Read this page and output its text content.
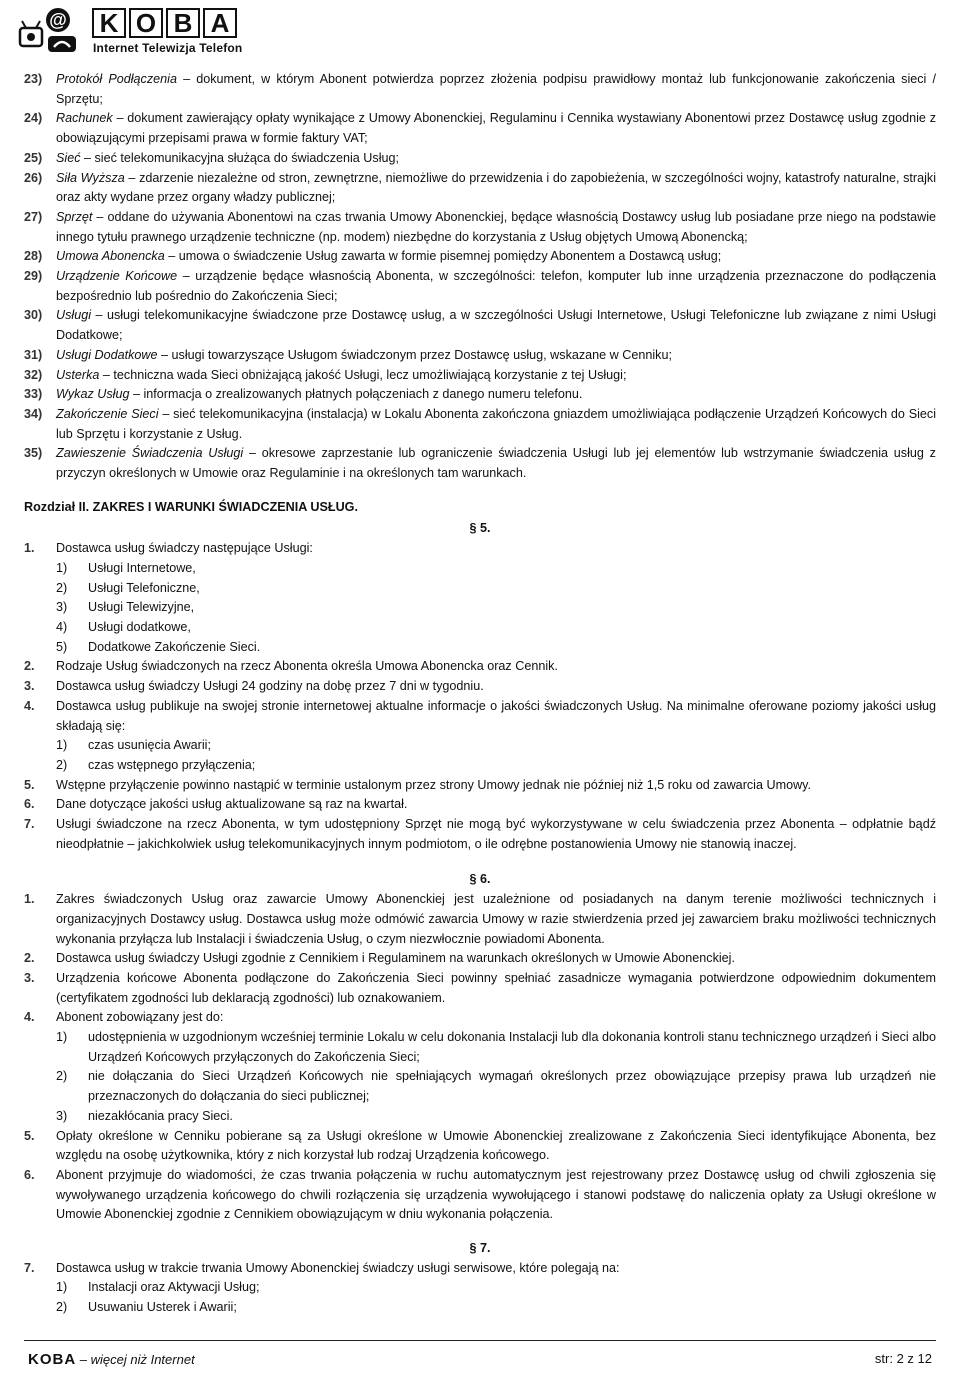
@ K O B A
Internet Telewizja Telefon
23)	Protokół Podłączenia – dokument, w którym Abonent potwierdza poprzez złożenia podpisu prawidłowy montaż lub funkcjonowanie zakończenia sieci / Sprzętu;
24)	Rachunek – dokument zawierający opłaty wynikające z Umowy Abonenckiej, Regulaminu i Cennika wystawiany Abonentowi przez Dostawcę usług zgodnie z obowiązującymi przepisami prawa w formie faktury VAT;
25)	Sieć – sieć telekomunikacyjna służąca do świadczenia Usług;
26)	Siła Wyższa – zdarzenie niezależne od stron, zewnętrzne, niemożliwe do przewidzenia i do zapobieżenia, w szczególności wojny, katastrofy naturalne, strajki oraz akty wydane przez organy władzy publicznej;
27)	Sprzęt – oddane do używania Abonentowi na czas trwania Umowy Abonenckiej, będące własnością Dostawcy usług lub posiadane prze niego na podstawie innego tytułu prawnego urządzenie techniczne (np. modem) niezbędne do korzystania z Usług objętych Umową Abonencką;
28)	Umowa Abonencka – umowa o świadczenie Usług zawarta w formie pisemnej pomiędzy Abonentem a Dostawcą usług;
29)	Urządzenie Końcowe – urządzenie będące własnością Abonenta, w szczególności: telefon, komputer lub inne urządzenia przeznaczone do podłączenia bezpośrednio lub pośrednio do Zakończenia Sieci;
30)	Usługi – usługi telekomunikacyjne świadczone prze Dostawcę usług, a w szczególności Usługi Internetowe, Usługi Telefoniczne lub związane z nimi Usługi Dodatkowe;
31)	Usługi Dodatkowe – usługi towarzyszące Usługom świadczonym przez Dostawcę usług, wskazane w Cenniku;
32)	Usterka – techniczna wada Sieci obniżającą jakość Usługi, lecz umożliwiającą korzystanie z tej Usługi;
33)	Wykaz Usług – informacja o zrealizowanych płatnych połączeniach z danego numeru telefonu.
34)	Zakończenie Sieci – sieć telekomunikacyjna (instalacja) w Lokalu Abonenta zakończona gniazdem umożliwiająca podłączenie Urządzeń Końcowych do Sieci lub Sprzętu i korzystanie z Usług.
35)	Zawieszenie Świadczenia Usługi – okresowe zaprzestanie lub ograniczenie świadczenia Usługi lub jej elementów lub wstrzymanie świadczenia usług z przyczyn określonych w Umowie oraz Regulaminie i na określonych tam warunkach.
Rozdział II. ZAKRES I WARUNKI ŚWIADCZENIA USŁUG.
§ 5.
1.	Dostawca usług świadczy następujące Usługi:
1)	Usługi Internetowe,
2)	Usługi Telefoniczne,
3)	Usługi Telewizyjne,
4)	Usługi dodatkowe,
5)	Dodatkowe Zakończenie Sieci.
2.	Rodzaje Usług świadczonych na rzecz Abonenta określa Umowa Abonencka oraz Cennik.
3.	Dostawca usług świadczy Usługi 24 godziny na dobę przez 7 dni w tygodniu.
4.	Dostawca usług publikuje na swojej stronie internetowej aktualne informacje o jakości świadczonych Usług. Na minimalne oferowane poziomy jakości usług składają się:
1)	czas usunięcia Awarii;
2)	czas wstępnego przyłączenia;
5.	Wstępne przyłączenie powinno nastąpić w terminie ustalonym przez strony Umowy jednak nie później niż 1,5 roku od zawarcia Umowy.
6.	Dane dotyczące jakości usług aktualizowane są raz na kwartał.
7.	Usługi świadczone na rzecz Abonenta, w tym udostępniony Sprzęt nie mogą być wykorzystywane w celu świadczenia przez Abonenta – odpłatnie bądź nieodpłatnie – jakichkolwiek usług telekomunikacyjnych innym podmiotom, o ile odrębne postanowienia Umowy nie stanowią inaczej.
§ 6.
1.	Zakres świadczonych Usług oraz zawarcie Umowy Abonenckiej jest uzależnione od posiadanych na danym terenie możliwości technicznych i organizacyjnych Dostawcy usług. Dostawca usług może odmówić zawarcia Umowy w razie stwierdzenia przed jej zawarciem braku możliwości technicznych wykonania przyłącza lub Instalacji i świadczenia Usług, o czym niezwłocznie powiadomi Abonenta.
2.	Dostawca usług świadczy Usługi zgodnie z Cennikiem i Regulaminem na warunkach określonych w Umowie Abonenckiej.
3.	Urządzenia końcowe Abonenta podłączone do Zakończenia Sieci powinny spełniać zasadnicze wymagania potwierdzone odpowiednim dokumentem (certyfikatem zgodności lub deklaracją zgodności) lub oznakowaniem.
4.	Abonent zobowiązany jest do:
1)	udostępnienia w uzgodnionym wcześniej terminie Lokalu w celu dokonania Instalacji lub dla dokonania kontroli stanu technicznego urządzeń i Sieci albo Urządzeń Końcowych przyłączonych do Zakończenia Sieci;
2)	nie dołączania do Sieci Urządzeń Końcowych nie spełniających wymagań określonych przez obowiązujące przepisy prawa lub urządzeń nie przeznaczonych do dołączania do sieci publicznej;
3)	niezakłócania pracy Sieci.
5.	Opłaty określone w Cenniku pobierane są za Usługi określone w Umowie Abonenckiej zrealizowane z Zakończenia Sieci identyfikujące Abonenta, bez względu na osobę użytkownika, który z nich korzystał lub rodzaj Urządzenia końcowego.
6.	Abonent przyjmuje do wiadomości, że czas trwania połączenia w ruchu automatycznym jest rejestrowany przez Dostawcę usług od chwili zgłoszenia się wywoływanego urządzenia końcowego do chwili rozłączenia się urządzenia wywołującego i stanowi podstawę do naliczenia opłaty za Usługi określone w Umowie Abonenckiej zgodnie z Cennikiem obowiązującym w dniu wykonania połączenia.
§ 7.
7.	Dostawca usług w trakcie trwania Umowy Abonenckiej świadczy usługi serwisowe, które polegają na:
1)	Instalacji oraz Aktywacji Usług;
2)	Usuwaniu Usterek i Awarii;
KOBA – więcej niż Internet	str: 2 z 12
